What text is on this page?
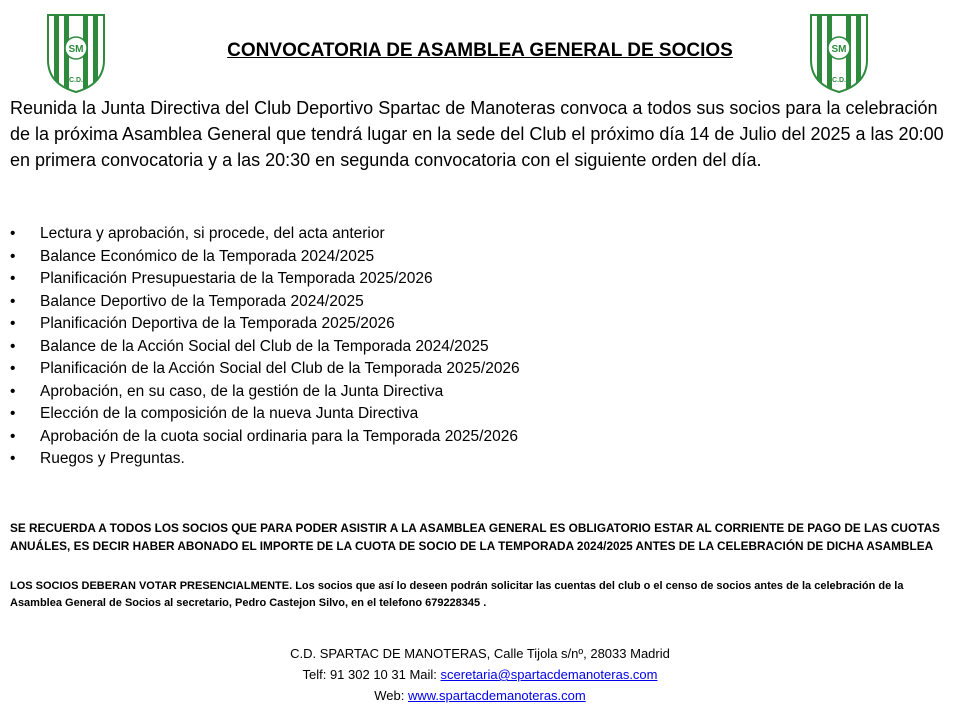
SM
C.D.
SM
C.D.
CONVOCATORIA DE ASAMBLEA GENERAL DE SOCIOS
Reunida la Junta Directiva del Club Deportivo Spartac de Manoteras convoca a todos sus socios para la celebración de la próxima Asamblea General que tendrá lugar en la sede del Club el próximo día 14 de Julio del 2025 a las 20:00 en primera convocatoria y a las 20:30 en segunda convocatoria con el siguiente orden del día.
• Lectura y aprobación, si procede, del acta anterior
• Balance Económico de la Temporada 2024/2025
• Planificación Presupuestaria de la Temporada 2025/2026
• Balance Deportivo de la Temporada 2024/2025
• Planificación Deportiva de la Temporada 2025/2026
• Balance de la Acción Social del Club de la Temporada 2024/2025
• Planificación de la Acción Social del Club de la Temporada 2025/2026
• Aprobación, en su caso, de la gestión de la Junta Directiva
• Elección de la composición de la nueva Junta Directiva
• Aprobación de la cuota social ordinaria para la Temporada 2025/2026
• Ruegos y Preguntas.
SE RECUERDA A TODOS LOS SOCIOS QUE PARA PODER ASISTIR A LA ASAMBLEA GENERAL ES OBLIGATORIO ESTAR AL CORRIENTE DE PAGO DE LAS CUOTAS ANUÁLES, ES DECIR HABER ABONADO EL IMPORTE DE LA CUOTA DE SOCIO DE LA TEMPORADA 2024/2025 ANTES DE LA CELEBRACIÓN DE DICHA ASAMBLEA
LOS SOCIOS DEBERAN VOTAR PRESENCIALMENTE. Los socios que así lo deseen podrán solicitar las cuentas del club o el censo de socios antes de la celebración de la Asamblea General de Socios al secretario, Pedro Castejon Silvo, en el telefono 679228345 .
C.D. SPARTAC DE MANOTERAS, Calle Tijola s/nº, 28033 Madrid
Telf: 91 302 10 31 Mail: sceretaria@spartacdemanoteras.com
Web: www.spartacdemanoteras.com
